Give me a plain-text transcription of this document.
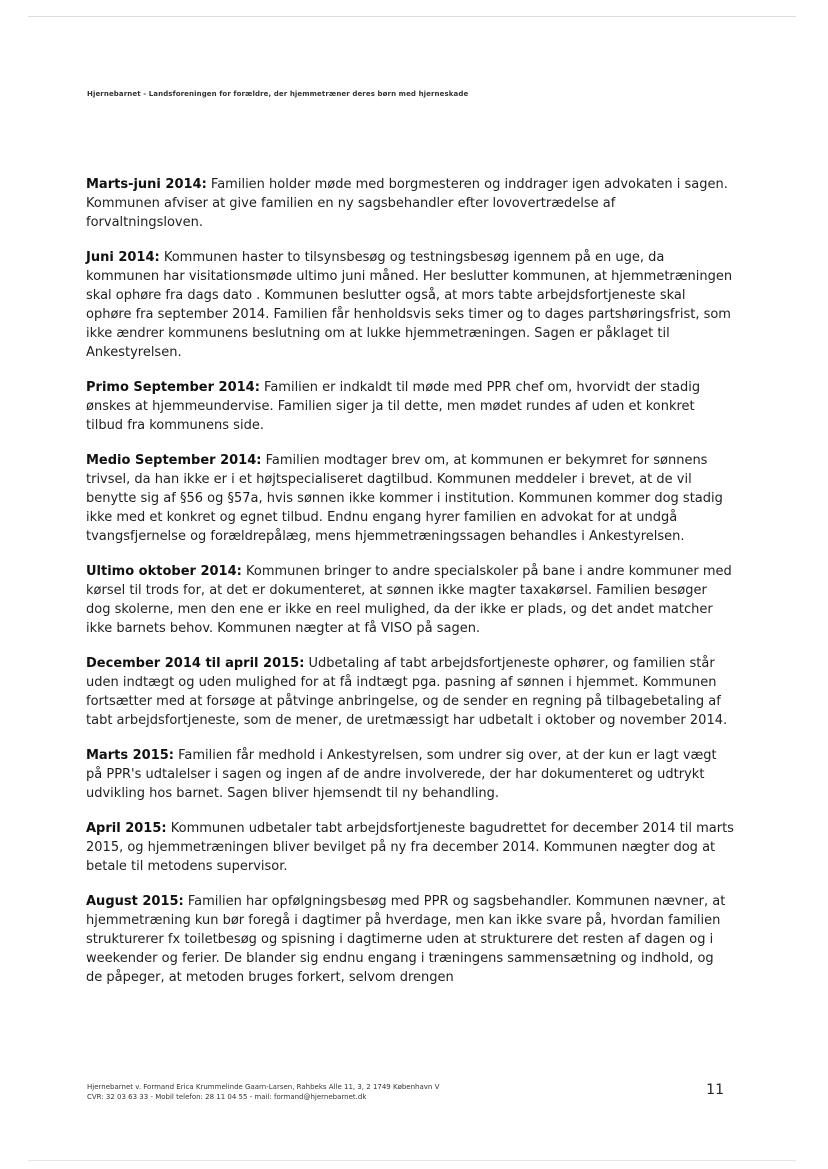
Hjernebarnet - Landsforeningen for forældre, der hjemmetræner deres børn med hjerneskade

Marts-juni 2014: Familien holder møde med borgmesteren og inddrager igen advokaten i sagen. Kommunen afviser at give familien en ny sagsbehandler efter lovovertrædelse af forvaltningsloven.

Juni 2014: Kommunen haster to tilsynsbesøg og testningsbesøg igennem på en uge, da kommunen har visitationsmøde ultimo juni måned. Her beslutter kommunen, at hjemmetræningen skal ophøre fra dags dato . Kommunen beslutter også, at mors tabte arbejdsfortjeneste skal ophøre fra september 2014. Familien får henholdsvis seks timer og to dages partshøringsfrist, som ikke ændrer kommunens beslutning om at lukke hjemmetræningen. Sagen er påklaget til Ankestyrelsen.

Primo September 2014: Familien er indkaldt til møde med PPR chef om, hvorvidt der stadig ønskes at hjemmeundervise. Familien siger ja til dette, men mødet rundes af uden et konkret tilbud fra kommunens side.

Medio September 2014: Familien modtager brev om, at kommunen er bekymret for sønnens trivsel, da han ikke er i et højtspecialiseret dagtilbud. Kommunen meddeler i brevet, at de vil benytte sig af §56 og §57a, hvis sønnen ikke kommer i institution. Kommunen kommer dog stadig ikke med et konkret og egnet tilbud. Endnu engang hyrer familien en advokat for at undgå tvangsfjernelse og forældrepålæg, mens hjemmetræningssagen behandles i Ankestyrelsen.

Ultimo oktober 2014: Kommunen bringer to andre specialskoler på bane i andre kommuner med kørsel til trods for, at det er dokumenteret, at sønnen ikke magter taxakørsel. Familien besøger dog skolerne, men den ene er ikke en reel mulighed, da der ikke er plads, og det andet matcher ikke barnets behov. Kommunen nægter at få VISO på sagen.

December 2014 til april 2015: Udbetaling af tabt arbejdsfortjeneste ophører, og familien står uden indtægt og uden mulighed for at få indtægt pga. pasning af sønnen i hjemmet. Kommunen fortsætter med at forsøge at påtvinge anbringelse, og de sender en regning på tilbagebetaling af tabt arbejdsfortjeneste, som de mener, de uretmæssigt har udbetalt i oktober og november 2014.

Marts 2015: Familien får medhold i Ankestyrelsen, som undrer sig over, at der kun er lagt vægt på PPR's udtalelser i sagen og ingen af de andre involverede, der har dokumenteret og udtrykt udvikling hos barnet. Sagen bliver hjemsendt til ny behandling.

April 2015: Kommunen udbetaler tabt arbejdsfortjeneste bagudrettet for december 2014 til marts 2015, og hjemmetræningen bliver bevilget på ny fra december 2014. Kommunen nægter dog at betale til metodens supervisor.

August 2015: Familien har opfølgningsbesøg med PPR og sagsbehandler. Kommunen nævner, at hjemmetræning kun bør foregå i dagtimer på hverdage, men kan ikke svare på, hvordan familien strukturerer fx toiletbesøg og spisning i dagtimerne uden at strukturere det resten af dagen og i weekender og ferier. De blander sig endnu engang i træningens sammensætning og indhold, og de påpeger, at metoden bruges forkert, selvom drengen

Hjernebarnet v. Formand Erica Krummelinde Gaarn-Larsen, Rahbeks Alle 11, 3, 2 1749 København V
CVR: 32 03 63 33 - Mobil telefon: 28 11 04 55 - mail: formand@hjernebarnet.dk	11
